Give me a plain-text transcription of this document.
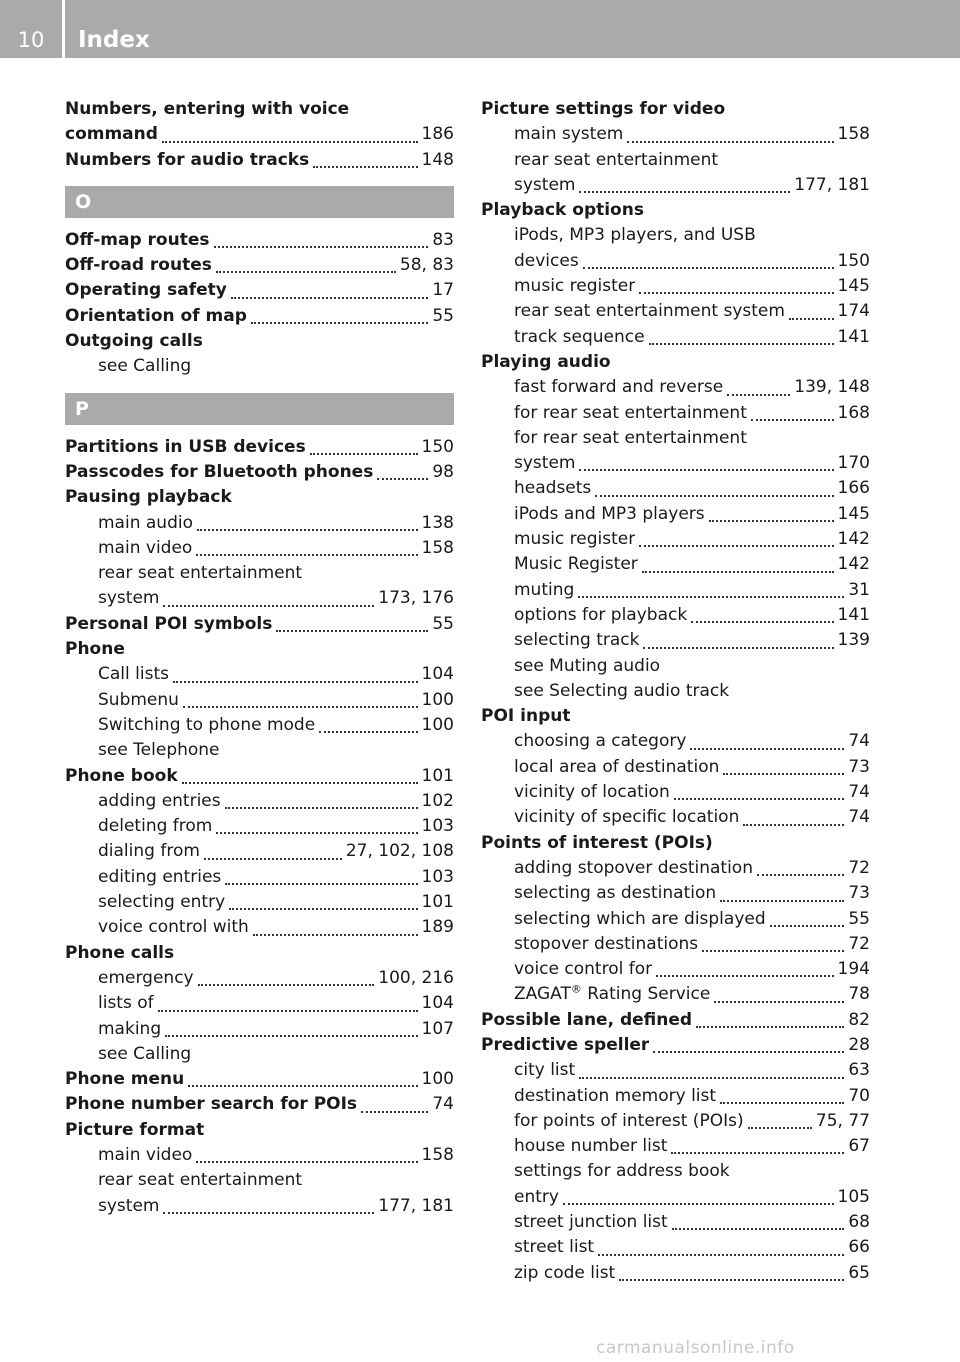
10	Index
Numbers, entering with voice
command	186
Numbers for audio tracks	148
O
Off-map routes	83
Off-road routes	58, 83
Operating safety	17
Orientation of map	55
Outgoing calls
see Calling
P
Partitions in USB devices	150
Passcodes for Bluetooth phones	98
Pausing playback
main audio	138
main video	158
rear seat entertainment
system	173, 176
Personal POI symbols	55
Phone
Call lists	104
Submenu	100
Switching to phone mode	100
see Telephone
Phone book	101
adding entries	102
deleting from	103
dialing from	27, 102, 108
editing entries	103
selecting entry	101
voice control with	189
Phone calls
emergency	100, 216
lists of	104
making	107
see Calling
Phone menu	100
Phone number search for POIs	74
Picture format
main video	158
rear seat entertainment
system	177, 181
Picture settings for video
main system	158
rear seat entertainment
system	177, 181
Playback options
iPods, MP3 players, and USB
devices	150
music register	145
rear seat entertainment system	174
track sequence	141
Playing audio
fast forward and reverse	139, 148
for rear seat entertainment	168
for rear seat entertainment
system	170
headsets	166
iPods and MP3 players	145
music register	142
Music Register	142
muting	31
options for playback	141
selecting track	139
see Muting audio
see Selecting audio track
POI input
choosing a category	74
local area of destination	73
vicinity of location	74
vicinity of specific location	74
Points of interest (POIs)
adding stopover destination	72
selecting as destination	73
selecting which are displayed	55
stopover destinations	72
voice control for	194
ZAGAT® Rating Service	78
Possible lane, defined	82
Predictive speller	28
city list	63
destination memory list	70
for points of interest (POIs)	75, 77
house number list	67
settings for address book
entry	105
street junction list	68
street list	66
zip code list	65
carmanualsonline.info
